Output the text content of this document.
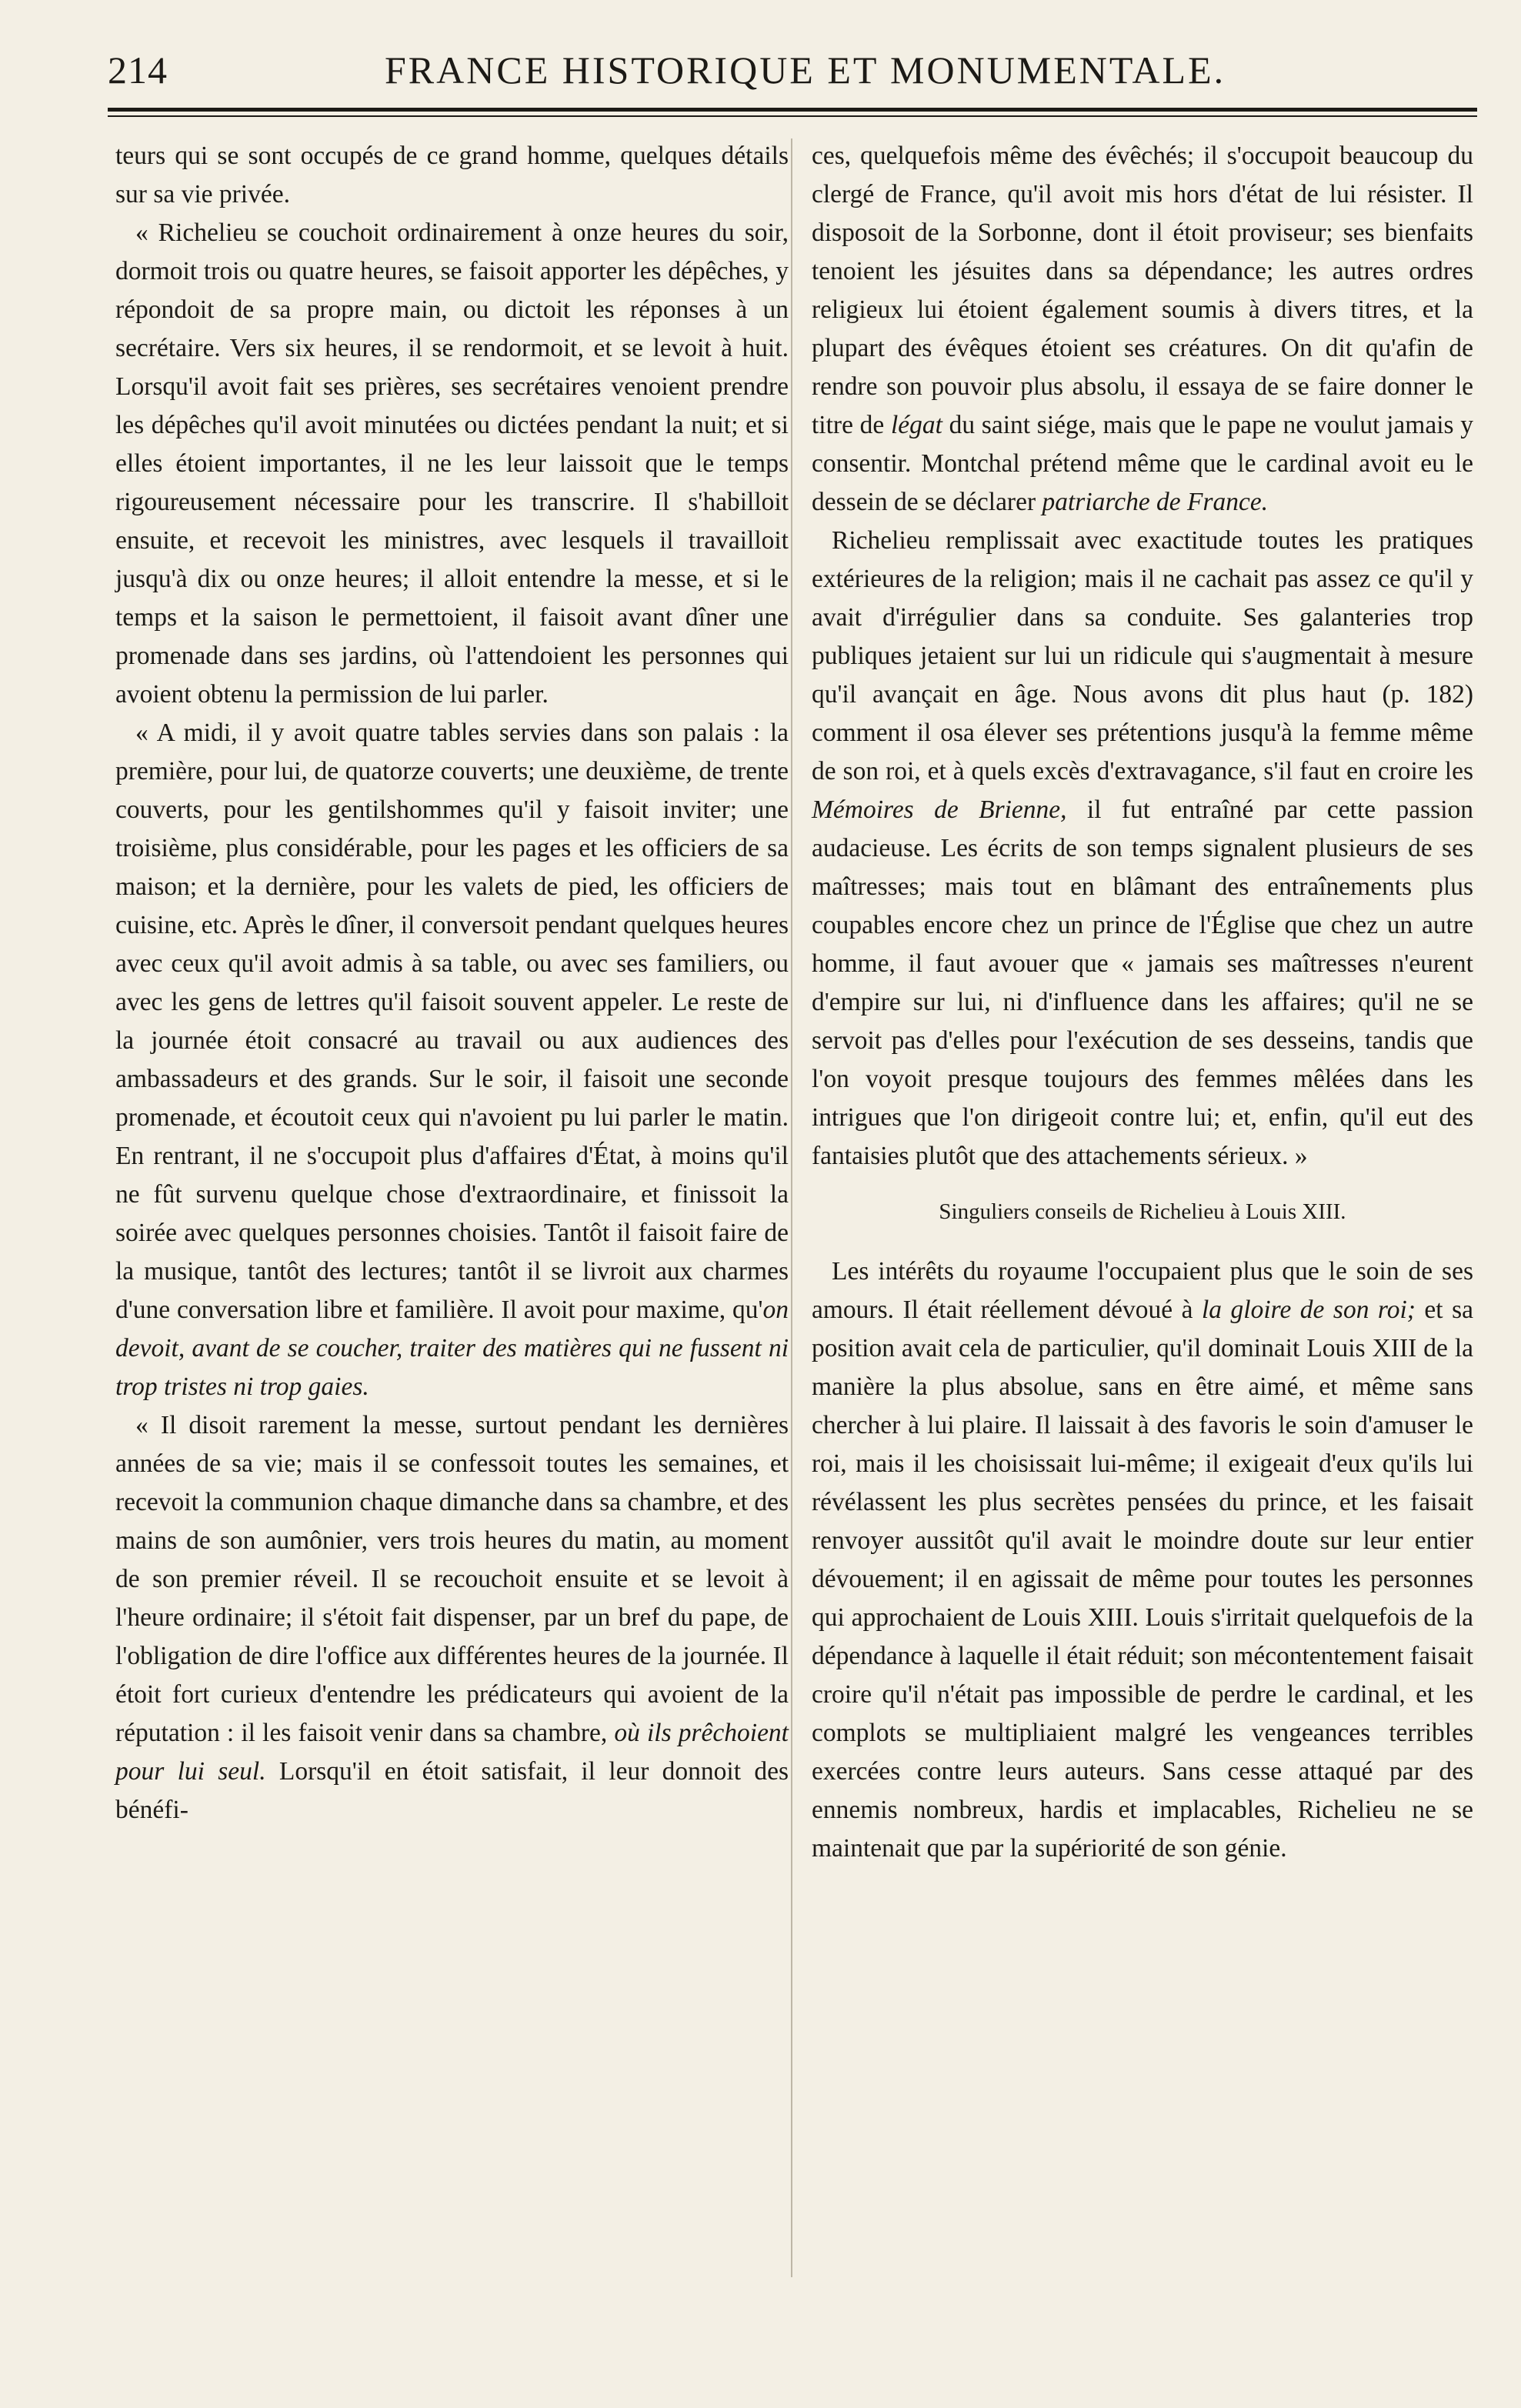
214	FRANCE HISTORIQUE ET MONUMENTALE.

teurs qui se sont occupés de ce grand homme, quelques détails sur sa vie privée.

« Richelieu se couchoit ordinairement à onze heures du soir, dormoit trois ou quatre heures, se faisoit apporter les dépêches, y répondoit de sa propre main, ou dictoit les réponses à un secrétaire. Vers six heures, il se rendormoit, et se levoit à huit. Lorsqu'il avoit fait ses prières, ses secrétaires venoient prendre les dépêches qu'il avoit minutées ou dictées pendant la nuit; et si elles étoient importantes, il ne les leur laissoit que le temps rigoureusement nécessaire pour les transcrire. Il s'habilloit ensuite, et recevoit les ministres, avec lesquels il travailloit jusqu'à dix ou onze heures; il alloit entendre la messe, et si le temps et la saison le permettoient, il faisoit avant dîner une promenade dans ses jardins, où l'attendoient les personnes qui avoient obtenu la permission de lui parler.

« A midi, il y avoit quatre tables servies dans son palais : la première, pour lui, de quatorze couverts; une deuxième, de trente couverts, pour les gentilshommes qu'il y faisoit inviter; une troisième, plus considérable, pour les pages et les officiers de sa maison; et la dernière, pour les valets de pied, les officiers de cuisine, etc. Après le dîner, il conversoit pendant quelques heures avec ceux qu'il avoit admis à sa table, ou avec ses familiers, ou avec les gens de lettres qu'il faisoit souvent appeler. Le reste de la journée étoit consacré au travail ou aux audiences des ambassadeurs et des grands. Sur le soir, il faisoit une seconde promenade, et écoutoit ceux qui n'avoient pu lui parler le matin. En rentrant, il ne s'occupoit plus d'affaires d'État, à moins qu'il ne fût survenu quelque chose d'extraordinaire, et finissoit la soirée avec quelques personnes choisies. Tantôt il faisoit faire de la musique, tantôt des lectures; tantôt il se livroit aux charmes d'une conversation libre et familière. Il avoit pour maxime, qu'on devoit, avant de se coucher, traiter des matières qui ne fussent ni trop tristes ni trop gaies.

« Il disoit rarement la messe, surtout pendant les dernières années de sa vie; mais il se confessoit toutes les semaines, et recevoit la communion chaque dimanche dans sa chambre, et des mains de son aumônier, vers trois heures du matin, au moment de son premier réveil. Il se recouchoit ensuite et se levoit à l'heure ordinaire; il s'étoit fait dispenser, par un bref du pape, de l'obligation de dire l'office aux différentes heures de la journée. Il étoit fort curieux d'entendre les prédicateurs qui avoient de la réputation : il les faisoit venir dans sa chambre, où ils prêchoient pour lui seul. Lorsqu'il en étoit satisfait, il leur donnoit des bénéfi-

ces, quelquefois même des évêchés; il s'occupoit beaucoup du clergé de France, qu'il avoit mis hors d'état de lui résister. Il disposoit de la Sorbonne, dont il étoit proviseur; ses bienfaits tenoient les jésuites dans sa dépendance; les autres ordres religieux lui étoient également soumis à divers titres, et la plupart des évêques étoient ses créatures. On dit qu'afin de rendre son pouvoir plus absolu, il essaya de se faire donner le titre de légat du saint siége, mais que le pape ne voulut jamais y consentir. Montchal prétend même que le cardinal avoit eu le dessein de se déclarer patriarche de France.

Richelieu remplissait avec exactitude toutes les pratiques extérieures de la religion; mais il ne cachait pas assez ce qu'il y avait d'irrégulier dans sa conduite. Ses galanteries trop publiques jetaient sur lui un ridicule qui s'augmentait à mesure qu'il avançait en âge. Nous avons dit plus haut (p. 182) comment il osa élever ses prétentions jusqu'à la femme même de son roi, et à quels excès d'extravagance, s'il faut en croire les Mémoires de Brienne, il fut entraîné par cette passion audacieuse. Les écrits de son temps signalent plusieurs de ses maîtresses; mais tout en blâmant des entraînements plus coupables encore chez un prince de l'Église que chez un autre homme, il faut avouer que « jamais ses maîtresses n'eurent d'empire sur lui, ni d'influence dans les affaires; qu'il ne se servoit pas d'elles pour l'exécution de ses desseins, tandis que l'on voyoit presque toujours des femmes mêlées dans les intrigues que l'on dirigeoit contre lui; et, enfin, qu'il eut des fantaisies plutôt que des attachements sérieux. »

Singuliers conseils de Richelieu à Louis XIII.

Les intérêts du royaume l'occupaient plus que le soin de ses amours. Il était réellement dévoué à la gloire de son roi; et sa position avait cela de particulier, qu'il dominait Louis XIII de la manière la plus absolue, sans en être aimé, et même sans chercher à lui plaire. Il laissait à des favoris le soin d'amuser le roi, mais il les choisissait lui-même; il exigeait d'eux qu'ils lui révélassent les plus secrètes pensées du prince, et les faisait renvoyer aussitôt qu'il avait le moindre doute sur leur entier dévouement; il en agissait de même pour toutes les personnes qui approchaient de Louis XIII. Louis s'irritait quelquefois de la dépendance à laquelle il était réduit; son mécontentement faisait croire qu'il n'était pas impossible de perdre le cardinal, et les complots se multipliaient malgré les vengeances terribles exercées contre leurs auteurs. Sans cesse attaqué par des ennemis nombreux, hardis et implacables, Richelieu ne se maintenait que par la supériorité de son génie.
